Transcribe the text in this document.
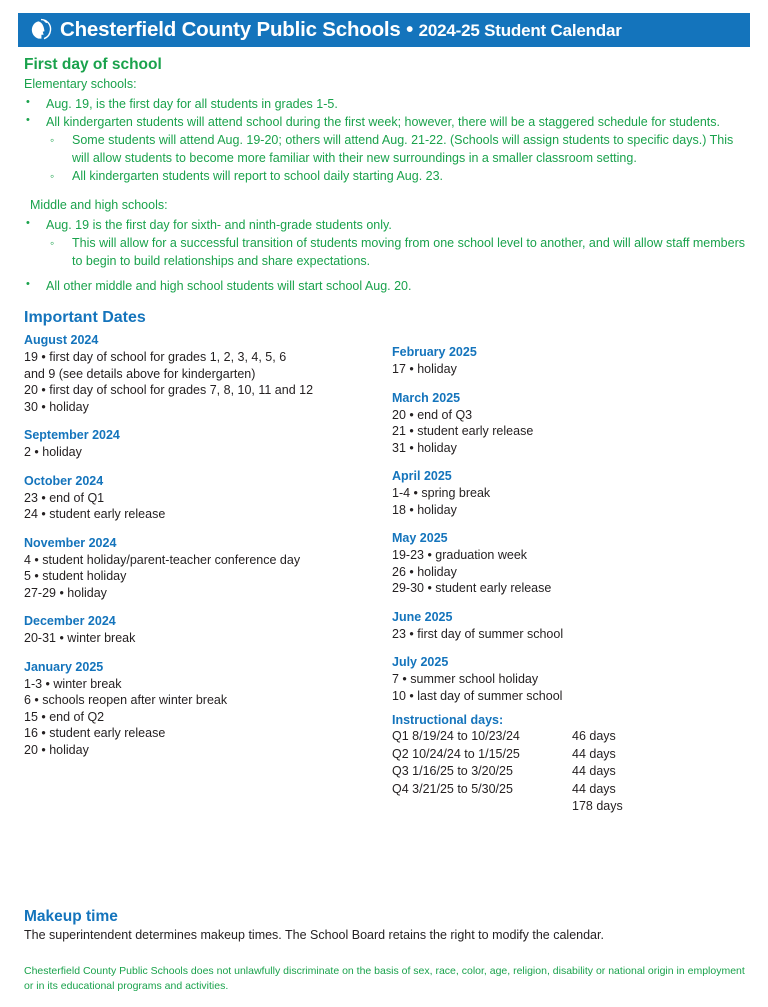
Chesterfield County Public Schools • 2024-25 Student Calendar
First day of school
Elementary schools:
• Aug. 19, is the first day for all students in grades 1-5.
• All kindergarten students will attend school during the first week; however, there will be a staggered schedule for students.
◦ Some students will attend Aug. 19-20; others will attend Aug. 21-22. (Schools will assign students to specific days.) This will allow students to become more familiar with their new surroundings in a smaller classroom setting.
◦ All kindergarten students will report to school daily starting Aug. 23.
Middle and high schools:
• Aug. 19 is the first day for sixth- and ninth-grade students only.
◦ This will allow for a successful transition of students moving from one school level to another, and will allow staff members to begin to build relationships and share expectations.
• All other middle and high school students will start school Aug. 20.
Important Dates
August 2024
19 • first day of school for grades 1, 2, 3, 4, 5, 6
and 9 (see details above for kindergarten)
20 • first day of school for grades 7, 8, 10, 11 and 12
30 • holiday
September 2024
2 • holiday
October 2024
23 • end of Q1
24 • student early release
November 2024
4 • student holiday/parent-teacher conference day
5 • student holiday
27-29 • holiday
December 2024
20-31 • winter break
January 2025
1-3 • winter break
6 • schools reopen after winter break
15 • end of Q2
16 • student early release
20 • holiday
February 2025
17 • holiday
March 2025
20 • end of Q3
21 • student early release
31 • holiday
April 2025
1-4 • spring break
18 • holiday
May 2025
19-23 • graduation week
26 • holiday
29-30 • student early release
June 2025
23 • first day of summer school
July 2025
7 • summer school holiday
10 • last day of summer school
Instructional days:
Q1 8/19/24 to 10/23/24	46 days
Q2 10/24/24 to 1/15/25	44 days
Q3 1/16/25 to 3/20/25	44 days
Q4 3/21/25 to 5/30/25	44 days
	178 days
Makeup time
The superintendent determines makeup times. The School Board retains the right to modify the calendar.
Chesterfield County Public Schools does not unlawfully discriminate on the basis of sex, race, color, age, religion, disability or national origin in employment or in its educational programs and activities.
